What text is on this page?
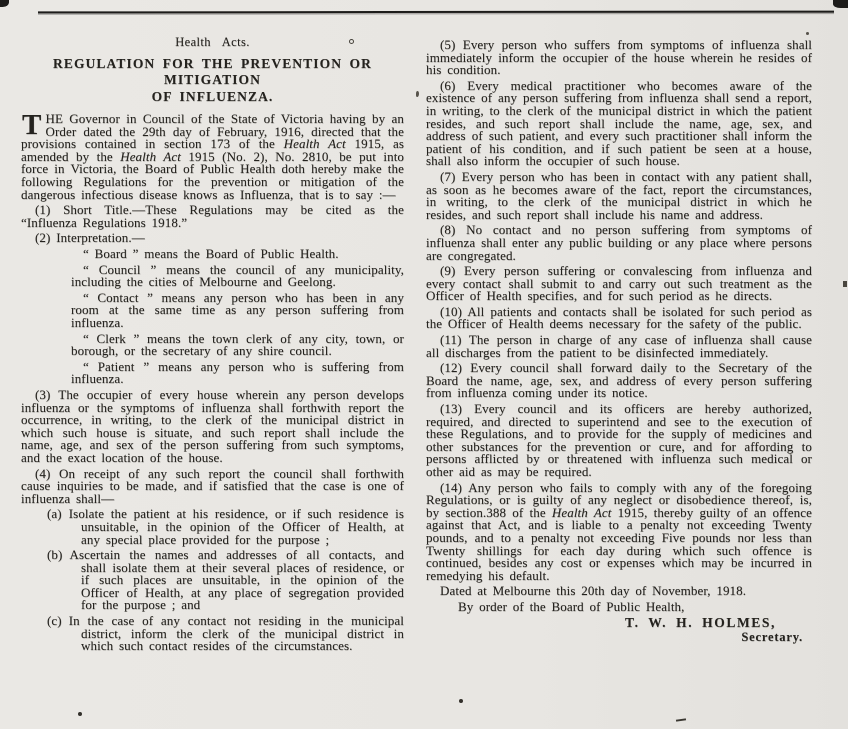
Health Acts.

REGULATION FOR THE PREVENTION OR MITIGATION
OF INFLUENZA.

T HE Governor in Council of the State of Victoria having by an Order dated the 29th day of February, 1916, directed that the provisions contained in section 173 of the Health Act 1915, as amended by the Health Act 1915 (No. 2), No. 2810, be put into force in Victoria, the Board of Public Health doth hereby make the following Regulations for the prevention or mitigation of the dangerous infectious disease knows as Influenza, that is to say :—

(1) Short Title.—These Regulations may be cited as the “Influenza Regulations 1918.”

(2) Interpretation.—

“ Board ” means the Board of Public Health.

“ Council ” means the council of any municipality, including the cities of Melbourne and Geelong.

“ Contact ” means any person who has been in any room at the same time as any person suffering from influenza.

“ Clerk ” means the town clerk of any city, town, or borough, or the secretary of any shire council.

“ Patient ” means any person who is suffering from influenza.

(3) The occupier of every house wherein any person develops influenza or the symptoms of influenza shall forthwith report the occurrence, in writing, to the clerk of the municipal district in which such house is situate, and such report shall include the name, age, and sex of the person suffering from such symptoms, and the exact location of the house.

(4) On receipt of any such report the council shall forthwith cause inquiries to be made, and if satisfied that the case is one of influenza shall—

(a) Isolate the patient at his residence, or if such residence is unsuitable, in the opinion of the Officer of Health, at any special place provided for the purpose ;

(b) Ascertain the names and addresses of all contacts, and shall isolate them at their several places of residence, or if such places are unsuitable, in the opinion of the Officer of Health, at any place of segregation provided for the purpose ; and

(c) In the case of any contact not residing in the municipal district, inform the clerk of the municipal district in which such contact resides of the circumstances.

(5) Every person who suffers from symptoms of influenza shall immediately inform the occupier of the house wherein he resides of his condition.

(6) Every medical practitioner who becomes aware of the existence of any person suffering from influenza shall send a report, in writing, to the clerk of the municipal district in which the patient resides, and such report shall include the name, age, sex, and address of such patient, and every such practitioner shall inform the patient of his condition, and if such patient be seen at a house, shall also inform the occupier of such house.

(7) Every person who has been in contact with any patient shall, as soon as he becomes aware of the fact, report the circumstances, in writing, to the clerk of the municipal district in which he resides, and such report shall include his name and address.

(8) No contact and no person suffering from symptoms of influenza shall enter any public building or any place where persons are congregated.

(9) Every person suffering or convalescing from influenza and every contact shall submit to and carry out such treatment as the Officer of Health specifies, and for such period as he directs.

(10) All patients and contacts shall be isolated for such period as the Officer of Health deems necessary for the safety of the public.

(11) The person in charge of any case of influenza shall cause all discharges from the patient to be disinfected immediately.

(12) Every council shall forward daily to the Secretary of the Board the name, age, sex, and address of every person suffering from influenza coming under its notice.

(13) Every council and its officers are hereby authorized, required, and directed to superintend and see to the execution of these Regulations, and to provide for the supply of medicines and other substances for the prevention or cure, and for affording to persons afflicted by or threatened with influenza such medical or other aid as may be required.

(14) Any person who fails to comply with any of the foregoing Regulations, or is guilty of any neglect or disobedience thereof, is, by section.388 of the Health Act 1915, thereby guilty of an offence against that Act, and is liable to a penalty not exceeding Twenty pounds, and to a penalty not exceeding Five pounds nor less than Twenty shillings for each day during which such offence is continued, besides any cost or expenses which may be incurred in remedying his default.

Dated at Melbourne this 20th day of November, 1918.

By order of the Board of Public Health,

T. W. H. HOLMES,

Secretary.
